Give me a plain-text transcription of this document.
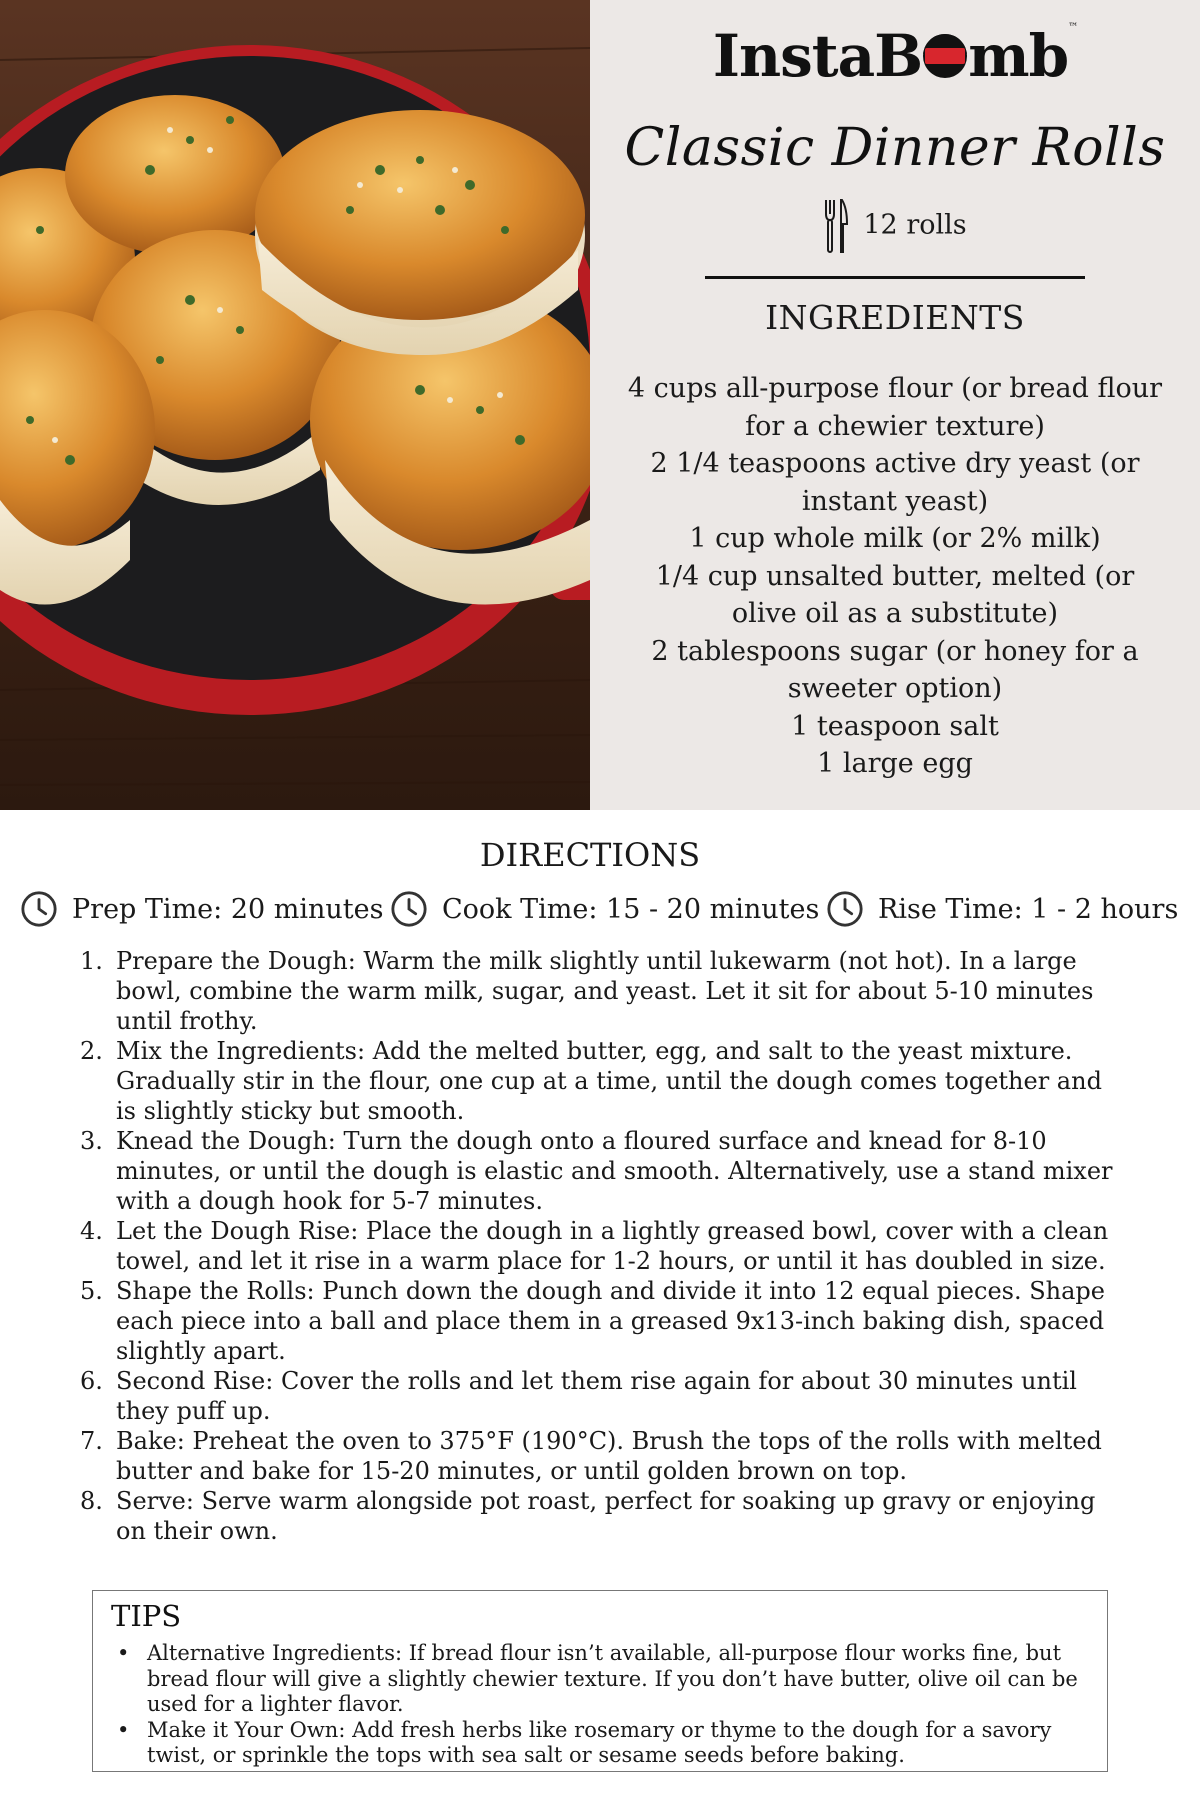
InstaB mb™
Classic Dinner Rolls
12 rolls
INGREDIENTS
4 cups all-purpose flour (or bread flour for a chewier texture)
2 1/4 teaspoons active dry yeast (or instant yeast)
1 cup whole milk (or 2% milk)
1/4 cup unsalted butter, melted (or olive oil as a substitute)
2 tablespoons sugar (or honey for a sweeter option)
1 teaspoon salt
1 large egg
DIRECTIONS
Prep Time: 20 minutes Cook Time: 15 - 20 minutes Rise Time: 1 - 2 hours
1. Prepare the Dough: Warm the milk slightly until lukewarm (not hot). In a large bowl, combine the warm milk, sugar, and yeast. Let it sit for about 5-10 minutes until frothy.
2. Mix the Ingredients: Add the melted butter, egg, and salt to the yeast mixture. Gradually stir in the flour, one cup at a time, until the dough comes together and is slightly sticky but smooth.
3. Knead the Dough: Turn the dough onto a floured surface and knead for 8-10 minutes, or until the dough is elastic and smooth. Alternatively, use a stand mixer with a dough hook for 5-7 minutes.
4. Let the Dough Rise: Place the dough in a lightly greased bowl, cover with a clean towel, and let it rise in a warm place for 1-2 hours, or until it has doubled in size.
5. Shape the Rolls: Punch down the dough and divide it into 12 equal pieces. Shape each piece into a ball and place them in a greased 9x13-inch baking dish, spaced slightly apart.
6. Second Rise: Cover the rolls and let them rise again for about 30 minutes until they puff up.
7. Bake: Preheat the oven to 375°F (190°C). Brush the tops of the rolls with melted butter and bake for 15-20 minutes, or until golden brown on top.
8. Serve: Serve warm alongside pot roast, perfect for soaking up gravy or enjoying on their own.
TIPS
• Alternative Ingredients: If bread flour isn’t available, all-purpose flour works fine, but bread flour will give a slightly chewier texture. If you don’t have butter, olive oil can be used for a lighter flavor.
• Make it Your Own: Add fresh herbs like rosemary or thyme to the dough for a savory twist, or sprinkle the tops with sea salt or sesame seeds before baking.
